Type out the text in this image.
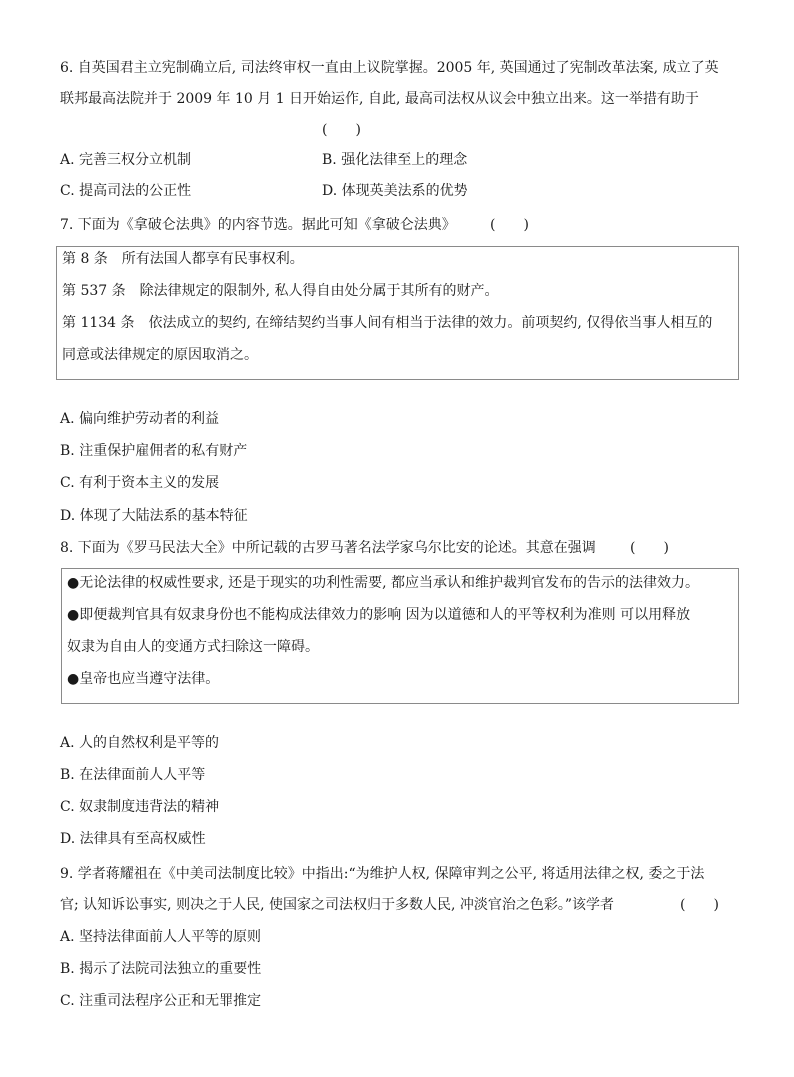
6. 自英国君主立宪制确立后, 司法终审权一直由上议院掌握。2005 年, 英国通过了宪制改革法案, 成立了英
联邦最高法院并于 2009 年 10 月 1 日开始运作, 自此, 最高司法权从议会中独立出来。这一举措有助于
(　　)
A. 完善三权分立机制	B. 强化法律至上的理念
C. 提高司法的公正性	D. 体现英美法系的优势
7. 下面为《拿破仑法典》的内容节选。据此可知《拿破仑法典》 (　　)
第 8 条　所有法国人都享有民事权利。
第 537 条　除法律规定的限制外, 私人得自由处分属于其所有的财产。
第 1134 条　依法成立的契约, 在缔结契约当事人间有相当于法律的效力。前项契约, 仅得依当事人相互的
同意或法律规定的原因取消之。
A. 偏向维护劳动者的利益
B. 注重保护雇佣者的私有财产
C. 有利于资本主义的发展
D. 体现了大陆法系的基本特征
8. 下面为《罗马民法大全》中所记载的古罗马著名法学家乌尔比安的论述。其意在强调 (　　)
●无论法律的权威性要求, 还是于现实的功利性需要, 都应当承认和维护裁判官发布的告示的法律效力。
●即便裁判官具有奴隶身份也不能构成法律效力的影响 因为以道德和人的平等权利为准则 可以用释放
奴隶为自由人的变通方式扫除这一障碍。
●皇帝也应当遵守法律。
A. 人的自然权利是平等的
B. 在法律面前人人平等
C. 奴隶制度违背法的精神
D. 法律具有至高权威性
9. 学者蒋耀祖在《中美司法制度比较》中指出:“为维护人权, 保障审判之公平, 将适用法律之权, 委之于法
官; 认知诉讼事实, 则决之于人民, 使国家之司法权归于多数人民, 冲淡官治之色彩。”该学者	(　　)
A. 坚持法律面前人人平等的原则
B. 揭示了法院司法独立的重要性
C. 注重司法程序公正和无罪推定
